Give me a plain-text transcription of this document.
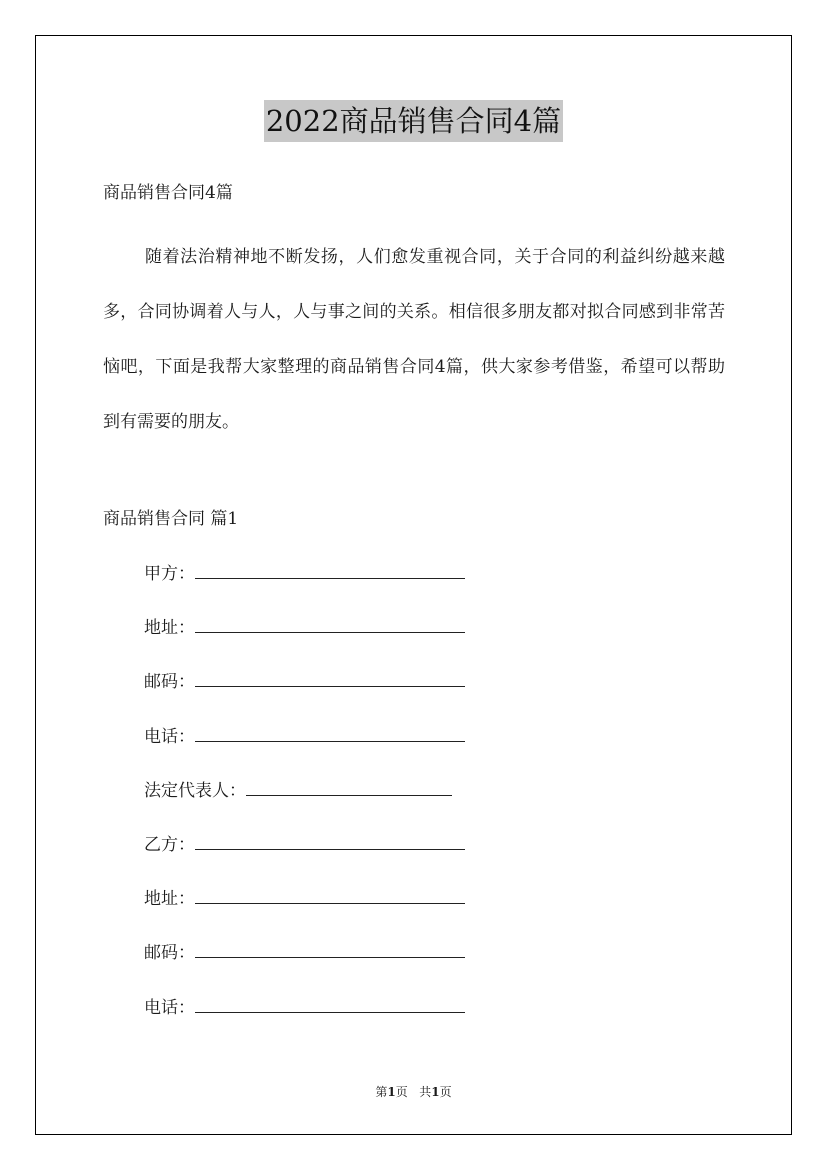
2022商品销售合同4篇
商品销售合同4篇
随着法治精神地不断发扬，人们愈发重视合同，关于合同的利益纠纷越来越多，合同协调着人与人，人与事之间的关系。相信很多朋友都对拟合同感到非常苦恼吧，下面是我帮大家整理的商品销售合同4篇，供大家参考借鉴，希望可以帮助到有需要的朋友。
商品销售合同 篇1
甲方：
地址：
邮码：
电话：
法定代表人：
乙方：
地址：
邮码：
电话：
第1页 共1页
